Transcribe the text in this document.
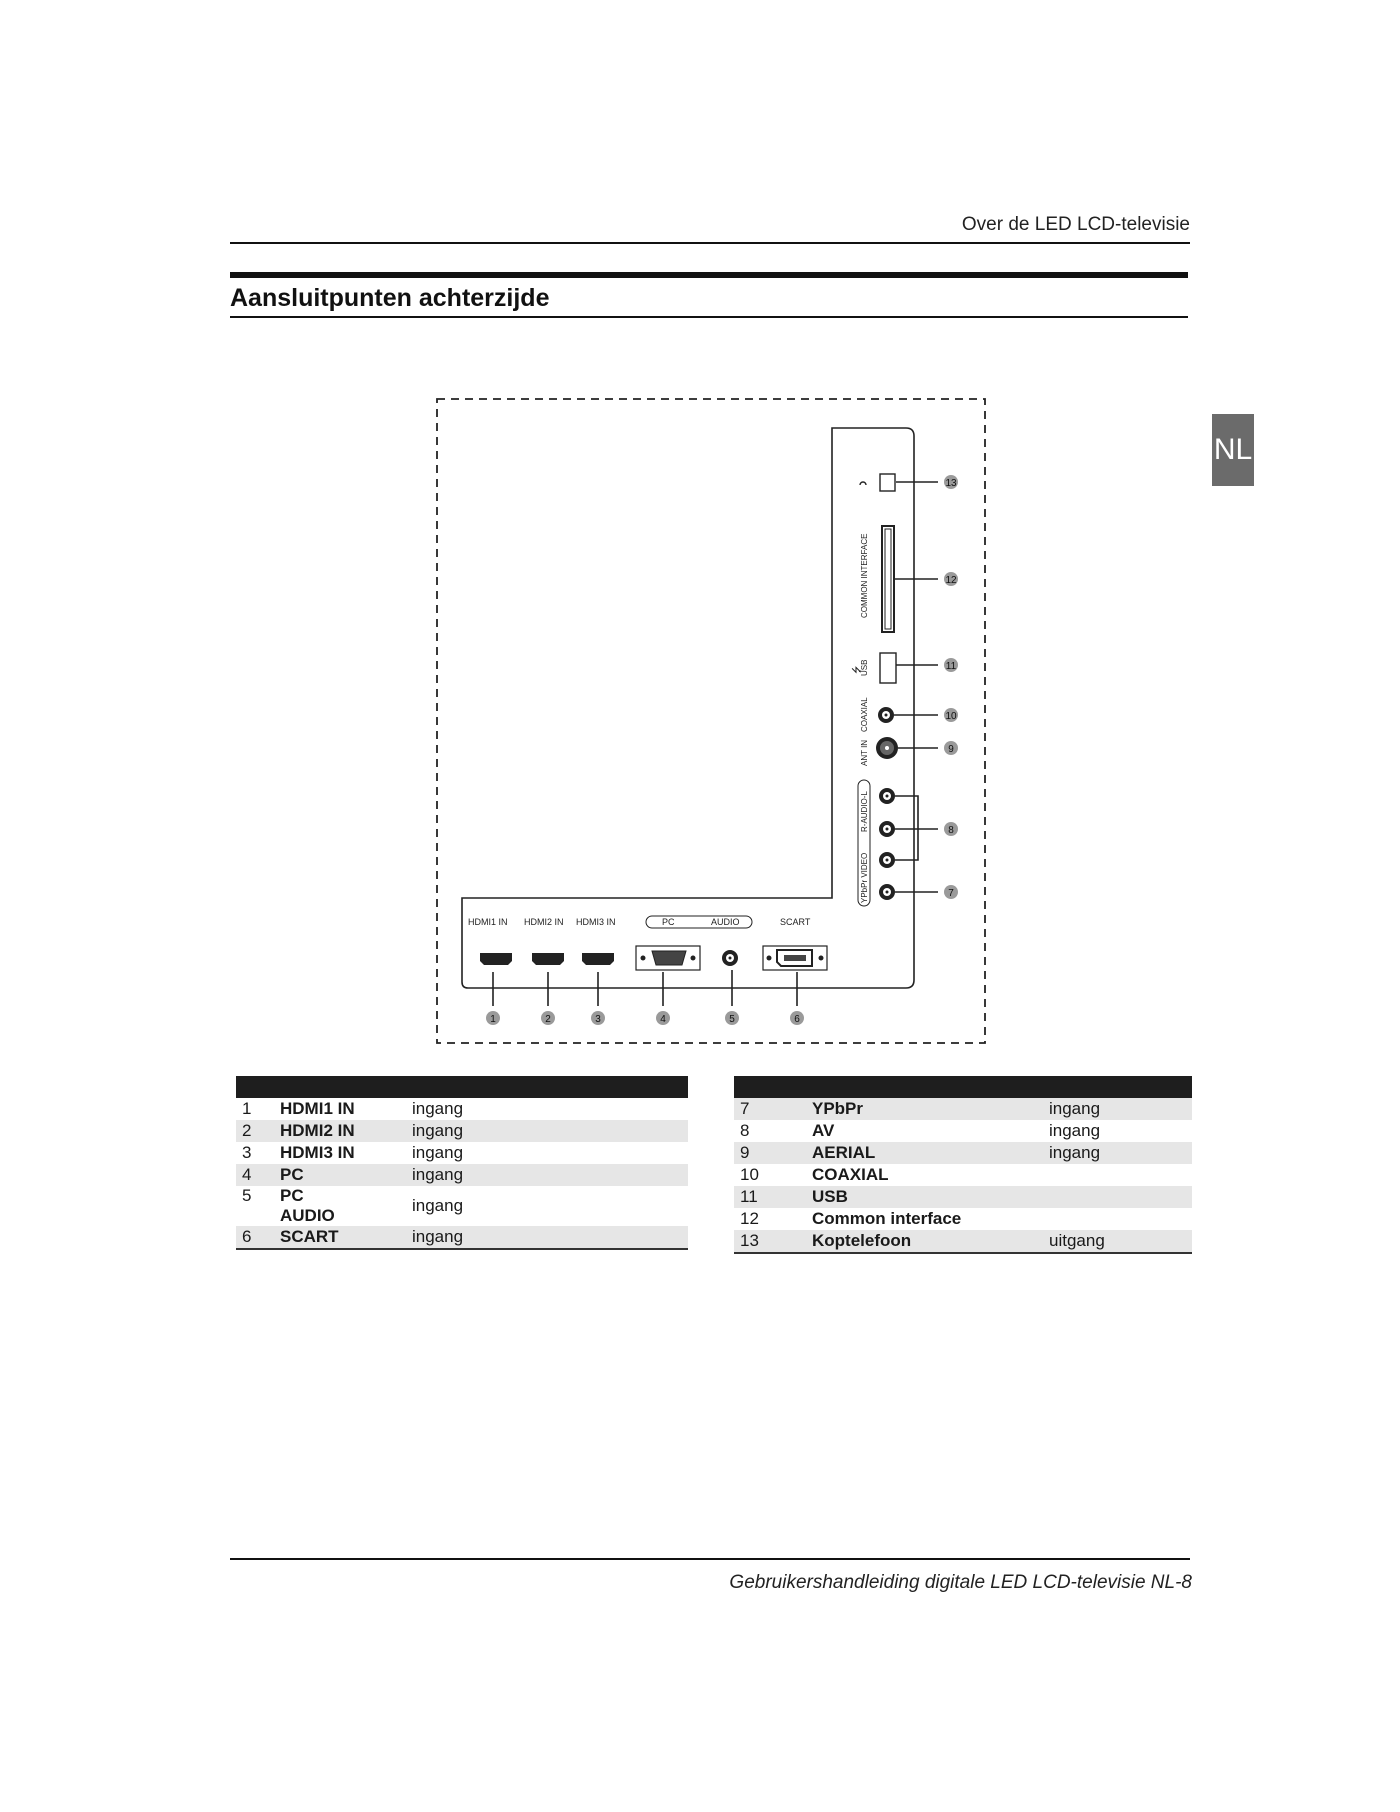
Over de LED LCD-televisie
Aansluitpunten achterzijde
NL
COMMON INTERFACE
USB
⭍
COAXIAL
ANT IN
R-AUDIO-L
YPbPr VIDEO
13
12
11
10
9
8
7
HDMI1 IN HDMI2 IN HDMI3 IN	PC	AUDIO	SCART
1	2	3	4	5	6

1	HDMI1 IN	ingang
2	HDMI2 IN	ingang
3	HDMI3 IN	ingang
4	PC	ingang
5	PC
AUDIO	ingang
6	SCART	ingang

7	YPbPr	ingang
8	AV	ingang
9	AERIAL	ingang
10	COAXIAL	
11	USB	
12	Common interface	
13	Koptelefoon	uitgang
Gebruikershandleiding digitale LED LCD-televisie NL-8
